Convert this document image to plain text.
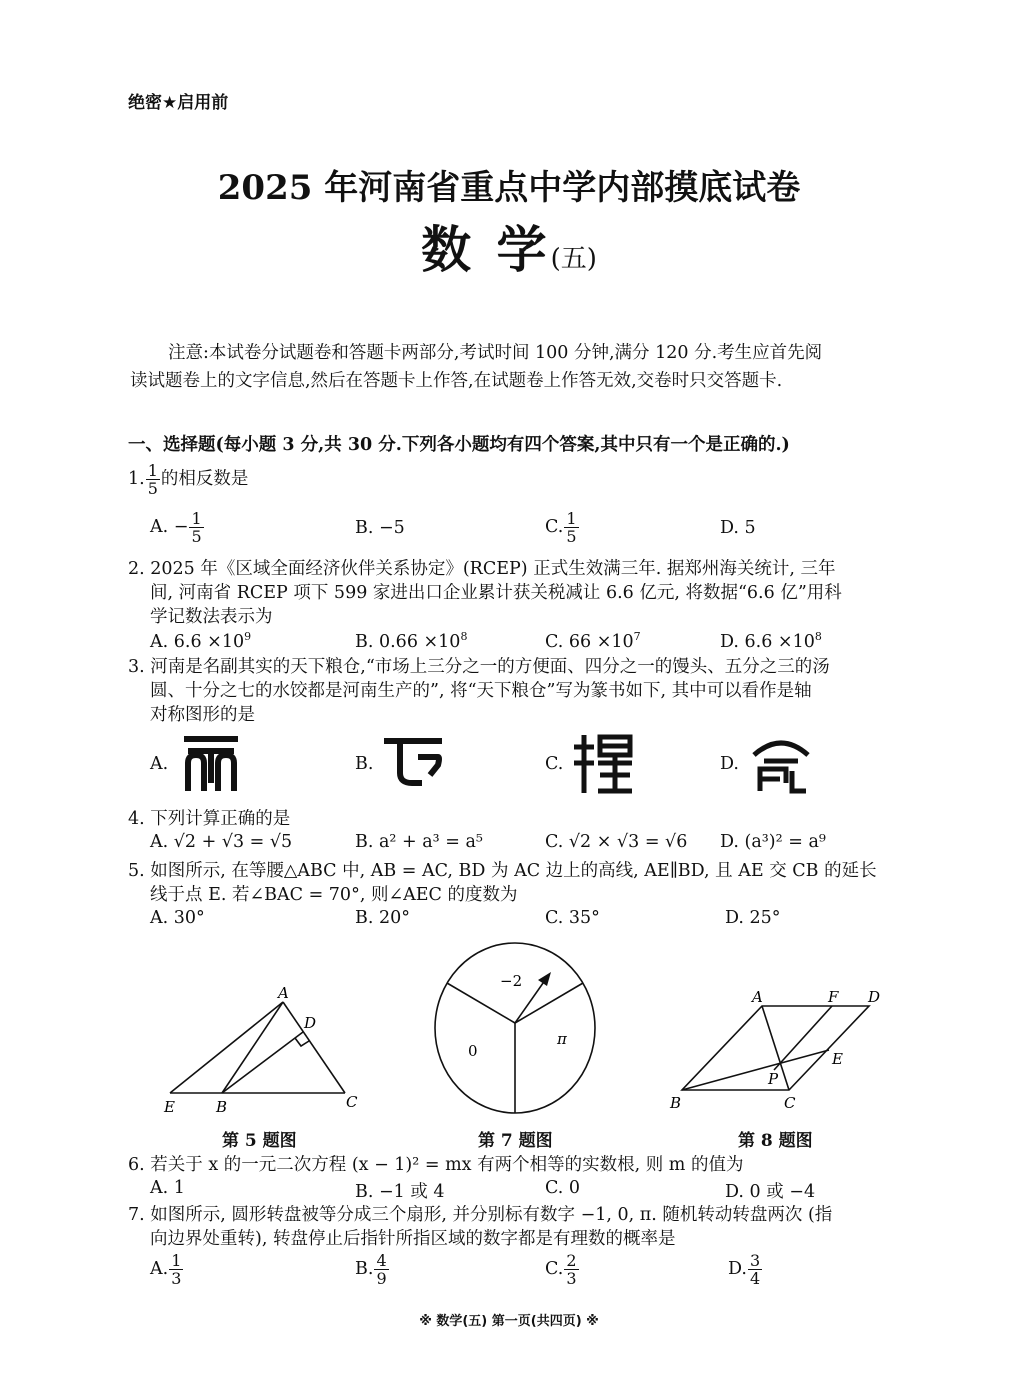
绝密★启用前
2025 年河南省重点中学内部摸底试卷
数 学(五)
注意:本试卷分试题卷和答题卡两部分,考试时间 100 分钟,满分 120 分.考生应首先阅
读试题卷上的文字信息,然后在答题卡上作答,在试题卷上作答无效,交卷时只交答题卡.
一、选择题(每小题 3 分,共 30 分.下列各小题均有四个答案,其中只有一个是正确的.)
1. $\frac{1}{5}$ 的相反数是
A. − $\frac{1}{5}$	B. −5	C. $\frac{1}{5}$	D. 5
2. 2025 年《区域全面经济伙伴关系协定》(RCEP) 正式生效满三年. 据郑州海关统计, 三年
间, 河南省 RCEP 项下 599 家进出口企业累计获关税减让 6.6 亿元, 将数据“6.6 亿”用科
学记数法表示为
A. $6.6 \times 10^9$	B. $0.66 \times 10^8$	C. $66 \times 10^7$	D. $6.6 \times 10^8$
3. 河南是名副其实的天下粮仓,“市场上三分之一的方便面、四分之一的馒头、五分之三的汤
圆、十分之七的水饺都是河南生产的”, 将“天下粮仓”写为篆书如下, 其中可以看作是轴
对称图形的是
A.	B.	C.	D.
4. 下列计算正确的是
A. √2 + √3 = √5	B. a² + a³ = a⁵	C. √2 × √3 = √6 D. (a³)² = a⁹
5. 如图所示, 在等腰△ABC 中, AB = AC, BD 为 AC 边上的高线, AE∥BD, 且 AE 交 CB 的延长
线于点 E. 若∠BAC = 70°, 则∠AEC 的度数为
A. 30°	B. 20°	C. 35°	D. 25°
A
D
E	B	C
第 5 题图
−2
0
π
第 7 题图
A	F D
E
P
B	C
第 8 题图
6. 若关于 x 的一元二次方程 (x − 1)² = mx 有两个相等的实数根, 则 m 的值为
A. 1	B. −1 或 4	C. 0	D. 0 或 −4
7. 如图所示, 圆形转盘被等分成三个扇形, 并分别标有数字 −1, 0, π. 随机转动转盘两次 (指
向边界处重转), 转盘停止后指针所指区域的数字都是有理数的概率是
A. $\frac{1}{3}$	B. $\frac{4}{9}$	C. $\frac{2}{3}$	D. $\frac{3}{4}$
※ 数学(五) 第一页(共四页) ※
